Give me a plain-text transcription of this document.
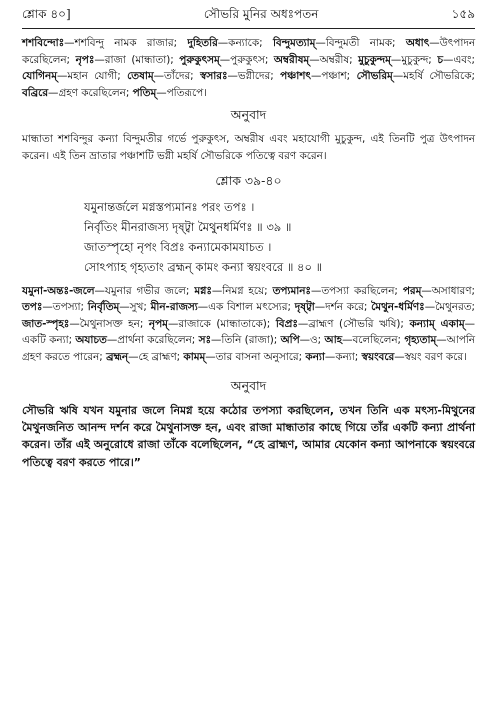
শ্লোক ৪০]	সৌভরি মুনির অধঃপতন	১৫৯

শশবিন্দোঃ—শশবিন্দু নামক রাজার; দুহিতরি—কন্যাকে; বিন্দুমত্যাম্—বিন্দুমতী নামক; অধাৎ—উৎপাদন করেছিলেন; নৃপঃ—রাজা (মান্ধাতা); পুরুকুৎসম্—পুরুকুৎস; অম্বরীষম্—অম্বরীষ; মুচুকুন্দম্—মুচুকুন্দ; চ—এবং; যোগিনম্—মহান যোগী; তেষাম্—তাঁদের; স্বসারঃ—ভগ্নীদের; পঞ্চাশৎ—পঞ্চাশ; সৌভরিম্—মহর্ষি সৌভরিকে; বব্রিরে—গ্রহণ করেছিলেন; পতিম্—পতিরূপে।

অনুবাদ

মান্ধাতা শশবিন্দুর কন্যা বিন্দুমতীর গর্ভে পুরুকুৎস, অম্বরীষ এবং মহাযোগী মুচুকুন্দ, এই তিনটি পুত্র উৎপাদন করেন। এই তিন ভ্রাতার পঞ্চাশটি ভগ্নী মহর্ষি সৌভরিকে পতিত্বে বরণ করেন।

শ্লোক ৩৯-৪০
যমুনান্তর্জলে মগ্নস্তপ্যমানঃ পরং তপঃ ।
নির্বৃতিং মীনরাজস্য দৃষ্ট্বা মৈথুনধর্মিণঃ ॥ ৩৯ ॥
জাতস্পৃহো নৃপং বিপ্রঃ কন্যামেকামযাচত ।
সোঽপ্যাহ গৃহ্যতাং ব্রহ্মন্ কামং কন্যা স্বয়ংবরে ॥ ৪০ ॥

যমুনা-অন্তঃ-জলে—যমুনার গভীর জলে; মগ্নঃ—নিমগ্ন হয়ে; তপ্যমানঃ—তপস্যা করছিলেন; পরম্—অসাধারণ; তপঃ—তপস্যা; নির্বৃতিম্—সুখ; মীন-রাজস্য—এক বিশাল মৎস্যের; দৃষ্ট্বা—দর্শন করে; মৈথুন-ধর্মিণঃ—মৈথুনরত; জাত-স্পৃহঃ—মৈথুনাসক্ত হন; নৃপম্—রাজাকে (মান্ধাতাকে); বিপ্রঃ—ব্রাহ্মণ (সৌভরি ঋষি); কন্যাম্ একাম্—একটি কন্যা; অযাচত—প্রার্থনা করেছিলেন; সঃ—তিনি (রাজা); অপি—ও; আহ—বলেছিলেন; গৃহ্যতাম্—আপনি গ্রহণ করতে পারেন; ব্রহ্মন্—হে ব্রাহ্মণ; কামম্—তার বাসনা অনুসারে; কন্যা—কন্যা; স্বয়ংবরে—স্বয়ং বরণ করে।

অনুবাদ

সৌভরি ঋষি যখন যমুনার জলে নিমগ্ন হয়ে কঠোর তপস্যা করছিলেন, তখন তিনি এক মৎস্য-মিথুনের মৈথুনজনিত আনন্দ দর্শন করে মৈথুনাসক্ত হন, এবং রাজা মান্ধাতার কাছে গিয়ে তাঁর একটি কন্যা প্রার্থনা করেন। তাঁর এই অনুরোধে রাজা তাঁকে বলেছিলেন, “হে ব্রাহ্মণ, আমার যেকোন কন্যা আপনাকে স্বয়ংবরে পতিত্বে বরণ করতে পারে।”
